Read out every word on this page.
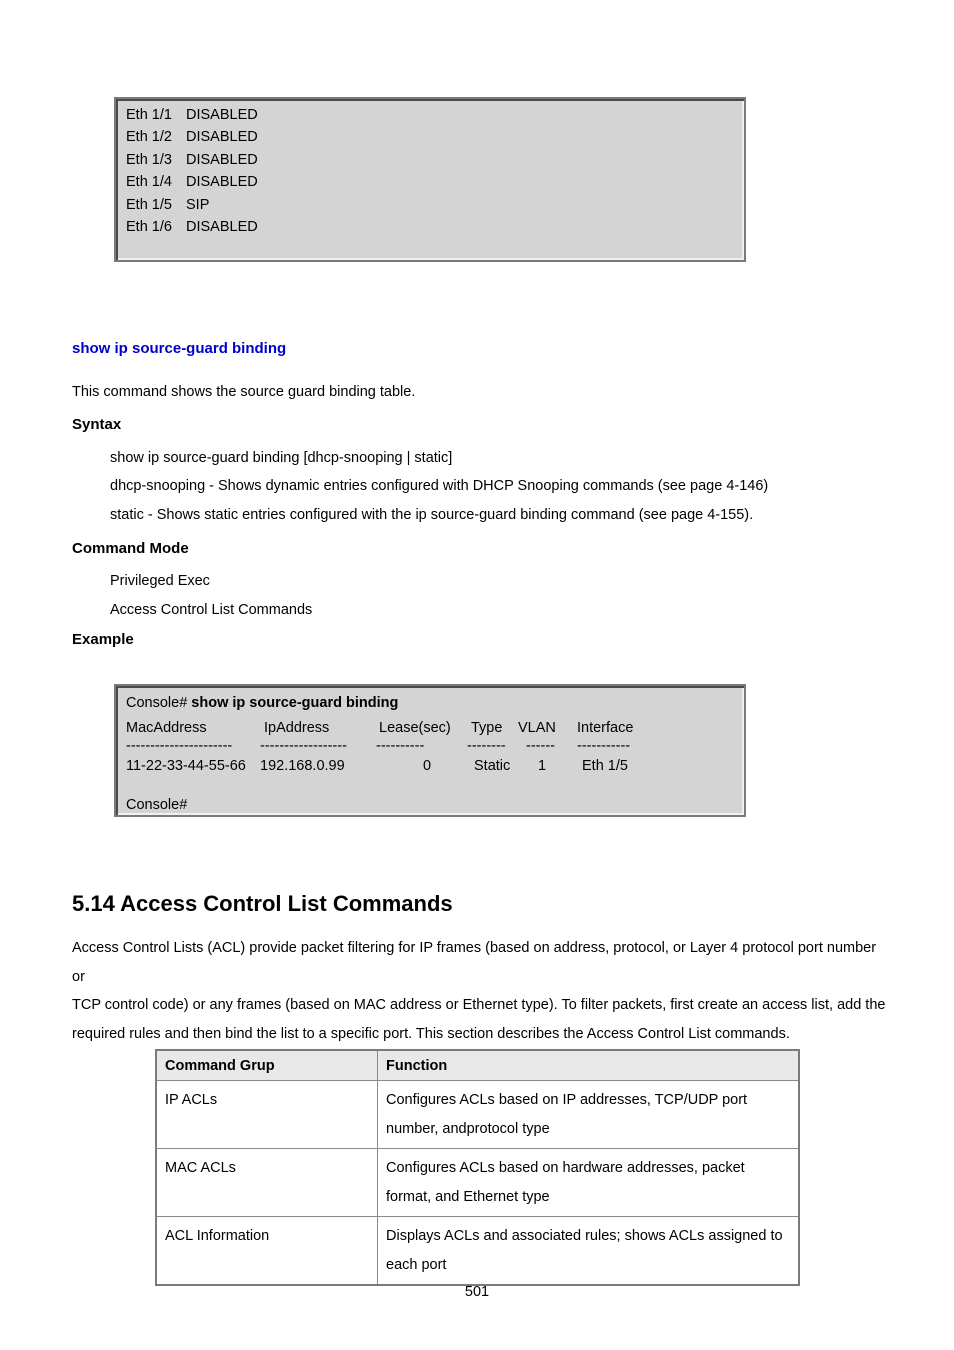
Eth 1/1 DISABLED
Eth 1/2 DISABLED
Eth 1/3 DISABLED
Eth 1/4 DISABLED
Eth 1/5 SIP
Eth 1/6 DISABLED
show ip source-guard binding
This command shows the source guard binding table.
Syntax
show ip source-guard binding [dhcp-snooping | static]
dhcp-snooping - Shows dynamic entries configured with DHCP Snooping commands (see page 4-146)
static - Shows static entries configured with the ip source-guard binding command (see page 4-155).
Command Mode
Privileged Exec
Access Control List Commands
Example
Console# show ip source-guard binding
MacAddress	IpAddress	Lease(sec) Type VLAN Interface
---------------------- ------------------ ----------	-------- ------ -----------
11-22-33-44-55-66 192.168.0.99	0	Static 1 Eth 1/5
Console#
5.14 Access Control List Commands
Access Control Lists (ACL) provide packet filtering for IP frames (based on address, protocol, or Layer 4 protocol port number or
TCP control code) or any frames (based on MAC address or Ethernet type). To filter packets, first create an access list, add the
required rules and then bind the list to a specific port. This section describes the Access Control List commands.
Command Grup	Function
IP ACLs	Configures ACLs based on IP addresses, TCP/UDP port number, andprotocol type
MAC ACLs	Configures ACLs based on hardware addresses, packet format, and Ethernet type
ACL Information	Displays ACLs and associated rules; shows ACLs assigned to each port
501
